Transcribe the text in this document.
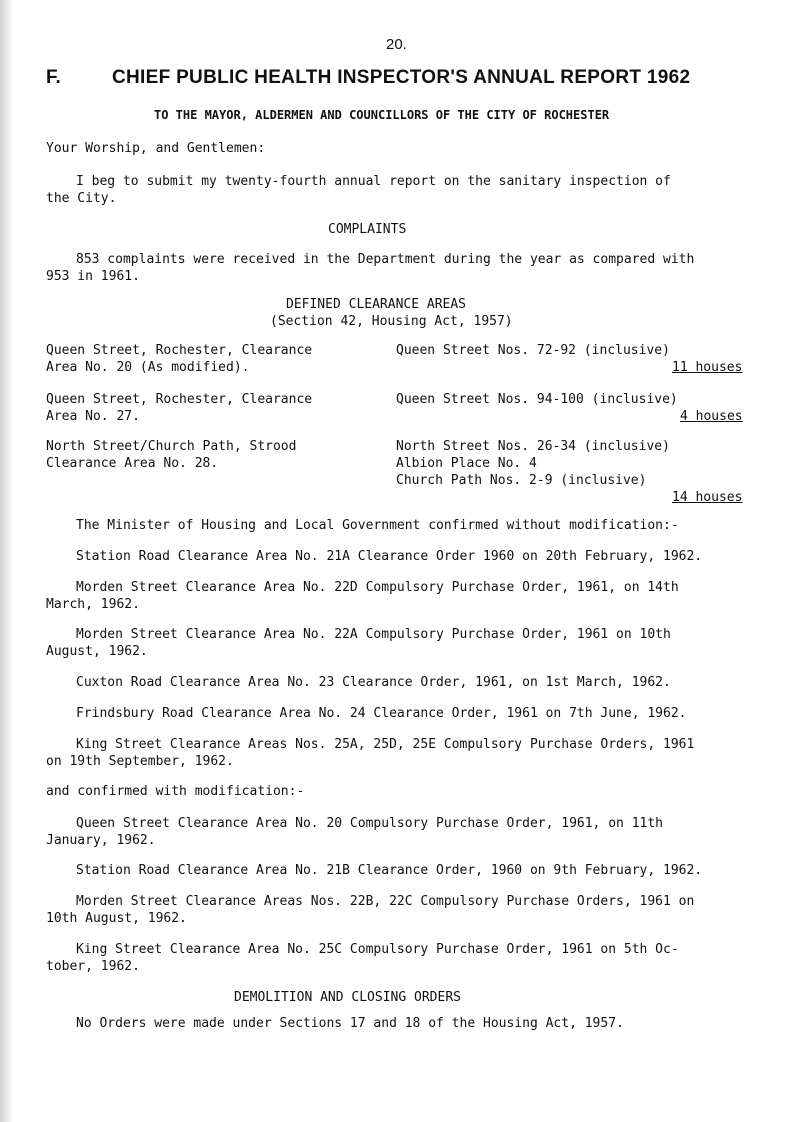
20.
F.	CHIEF PUBLIC HEALTH INSPECTOR'S ANNUAL REPORT 1962
TO THE MAYOR, ALDERMEN AND COUNCILLORS OF THE CITY OF ROCHESTER
Your Worship, and Gentlemen:
I beg to submit my twenty-fourth annual report on the sanitary inspection of
the City.
COMPLAINTS
853 complaints were received in the Department during the year as compared with
953 in 1961.
DEFINED CLEARANCE AREAS
(Section 42, Housing Act, 1957)
Queen Street, Rochester, Clearance
Area No. 20 (As modified).
Queen Street Nos. 72-92 (inclusive)
11 houses
Queen Street, Rochester, Clearance
Area No. 27.
Queen Street Nos. 94-100 (inclusive)
4 houses
North Street/Church Path, Strood
Clearance Area No. 28.
North Street Nos. 26-34 (inclusive)
Albion Place No. 4
Church Path Nos. 2-9 (inclusive)
14 houses
The Minister of Housing and Local Government confirmed without modification:-
Station Road Clearance Area No. 21A Clearance Order 1960 on 20th February, 1962.
Morden Street Clearance Area No. 22D Compulsory Purchase Order, 1961, on 14th
March, 1962.
Morden Street Clearance Area No. 22A Compulsory Purchase Order, 1961 on 10th
August, 1962.
Cuxton Road Clearance Area No. 23 Clearance Order, 1961, on 1st March, 1962.
Frindsbury Road Clearance Area No. 24 Clearance Order, 1961 on 7th June, 1962.
King Street Clearance Areas Nos. 25A, 25D, 25E Compulsory Purchase Orders, 1961
on 19th September, 1962.
and confirmed with modification:-
Queen Street Clearance Area No. 20 Compulsory Purchase Order, 1961, on 11th
January, 1962.
Station Road Clearance Area No. 21B Clearance Order, 1960 on 9th February, 1962.
Morden Street Clearance Areas Nos. 22B, 22C Compulsory Purchase Orders, 1961 on
10th August, 1962.
King Street Clearance Area No. 25C Compulsory Purchase Order, 1961 on 5th Oc-
tober, 1962.
DEMOLITION AND CLOSING ORDERS
No Orders were made under Sections 17 and 18 of the Housing Act, 1957.
